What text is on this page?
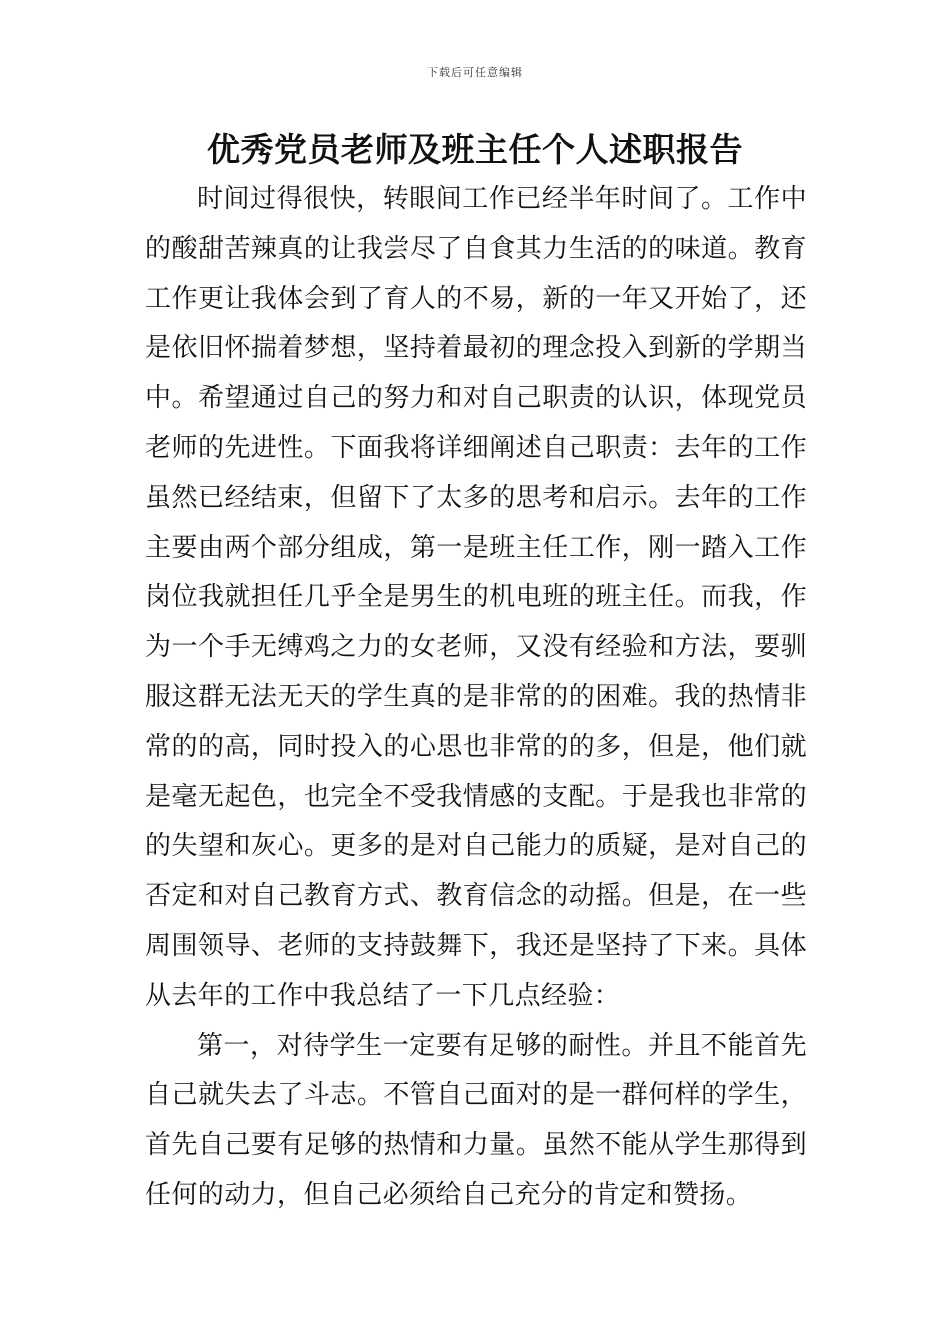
下载后可任意编辑
优秀党员老师及班主任个人述职报告

时间过得很快，转眼间工作已经半年时间了。工作中的酸甜苦辣真的让我尝尽了自食其力生活的的味道。教育工作更让我体会到了育人的不易，新的一年又开始了，还是依旧怀揣着梦想，坚持着最初的理念投入到新的学期当中。希望通过自己的努力和对自己职责的认识，体现党员老师的先进性。下面我将详细阐述自己职责：去年的工作虽然已经结束，但留下了太多的思考和启示。去年的工作主要由两个部分组成，第一是班主任工作，刚一踏入工作岗位我就担任几乎全是男生的机电班的班主任。而我，作为一个手无缚鸡之力的女老师，又没有经验和方法，要驯服这群无法无天的学生真的是非常的的困难。我的热情非常的的高，同时投入的心思也非常的的多，但是，他们就是毫无起色，也完全不受我情感的支配。于是我也非常的的失望和灰心。更多的是对自己能力的质疑，是对自己的否定和对自己教育方式、教育信念的动摇。但是，在一些周围领导、老师的支持鼓舞下，我还是坚持了下来。具体从去年的工作中我总结了一下几点经验：

第一，对待学生一定要有足够的耐性。并且不能首先自己就失去了斗志。不管自己面对的是一群何样的学生，首先自己要有足够的热情和力量。虽然不能从学生那得到任何的动力，但自己必须给自己充分的肯定和赞扬。
